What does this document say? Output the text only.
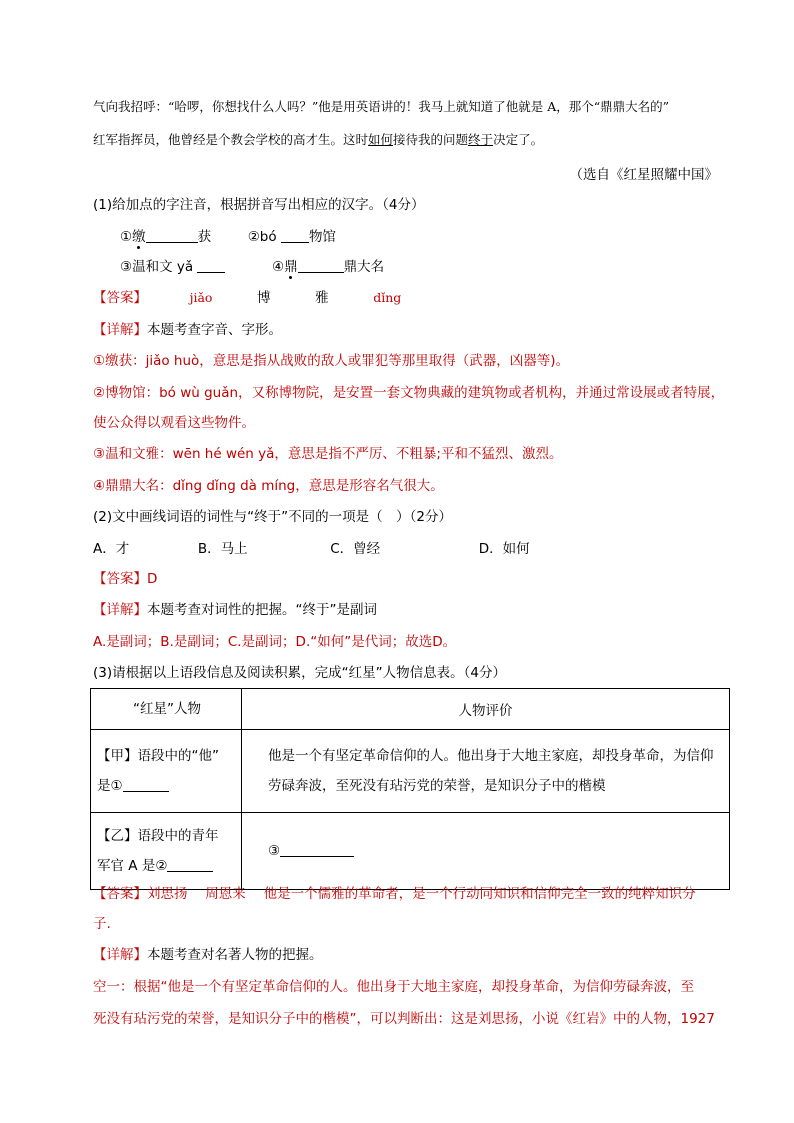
气向我招呼：“哈啰，你想找什么人吗？”他是用英语讲的！我马上就知道了他就是 A，那个“鼎鼎大名的”
红军指挥员，他曾经是个教会学校的高才生。这时如何接待我的问题终于决定了。
（选自《红星照耀中国》
(1)给加点的字注音，根据拼音写出相应的汉字。（4分）
①缴	获	②bó 物馆
③温和文 yǎ	④鼎	鼎大名
【答案】	jiǎo	博	雅	dǐng
【详解】本题考查字音、字形。
①缴获：jiǎo huò，意思是指从战败的敌人或罪犯等那里取得（武器，凶器等)。
②博物馆：bó wù guǎn，又称博物院，是安置一套文物典藏的建筑物或者机构，并通过常设展或者特展，
使公众得以观看这些物件。
③温和文雅：wēn hé wén yǎ，意思是指不严厉、不粗暴;平和不猛烈、激烈。
④鼎鼎大名：dǐng dǐng dà míng，意思是形容名气很大。
(2)文中画线词语的词性与“终于”不同的一项是（　）（2分）
A．才	B．马上	C．曾经	D．如何
【答案】D
【详解】本题考查对词性的把握。“终于”是副词
A.是副词；B.是副词；C.是副词；D.“如何”是代词；故选D。
(3)请根据以上语段信息及阅读积累，完成“红星”人物信息表。（4分）
“红星”人物	人物评价

【甲】语段中的“他”
是①	他是一个有坚定革命信仰的人。他出身于大地主家庭，却投身革命，为信仰劳碌奔波，至死没有玷污党的荣誉，是知识分子中的楷模

【乙】语段中的青年
军官 A 是②	③
【答案】刘思扬　 周恩来　 他是一个儒雅的革命者，是一个行动同知识和信仰完全一致的纯粹知识分
子.
【详解】本题考查对名著人物的把握。
空一：根据“他是一个有坚定革命信仰的人。他出身于大地主家庭，却投身革命，为信仰劳碌奔波，至
死没有玷污党的荣誉，是知识分子中的楷模”，可以判断出：这是刘思扬，小说《红岩》中的人物，1927
